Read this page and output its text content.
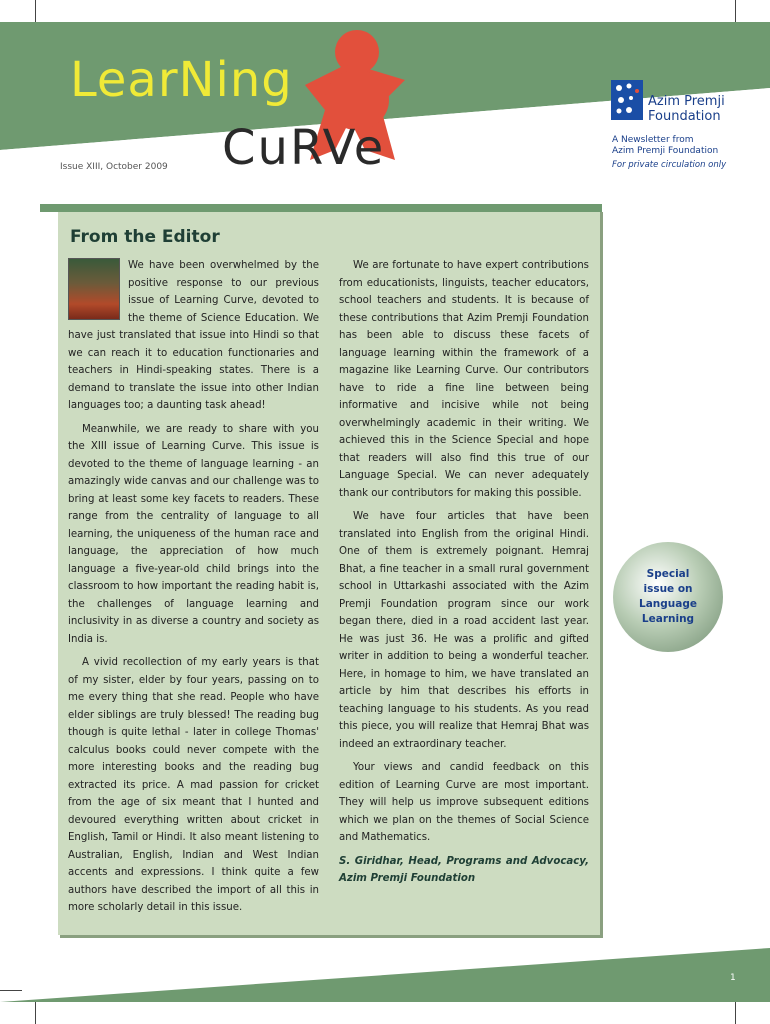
LearNing
CuRVe
Issue XIII, October 2009
Azim Premji
Foundation
A Newsletter from
Azim Premji Foundation
For private circulation only
From the Editor

We have been overwhelmed by the positive response to our previous issue of Learning Curve, devoted to the theme of Science Education. We have just translated that issue into Hindi so that we can reach it to education functionaries and teachers in Hindi-speaking states. There is a demand to translate the issue into other Indian languages too; a daunting task ahead!

Meanwhile, we are ready to share with you the XIII issue of Learning Curve. This issue is devoted to the theme of language learning - an amazingly wide canvas and our challenge was to bring at least some key facets to readers. These range from the centrality of language to all learning, the uniqueness of the human race and language, the appreciation of how much language a five-year-old child brings into the classroom to how important the reading habit is, the challenges of language learning and inclusivity in as diverse a country and society as India is.

A vivid recollection of my early years is that of my sister, elder by four years, passing on to me every thing that she read. People who have elder siblings are truly blessed! The reading bug though is quite lethal - later in college Thomas' calculus books could never compete with the more interesting books and the reading bug extracted its price. A mad passion for cricket from the age of six meant that I hunted and devoured everything written about cricket in English, Tamil or Hindi. It also meant listening to Australian, English, Indian and West Indian accents and expressions. I think quite a few authors have described the import of all this in more scholarly detail in this issue.

We are fortunate to have expert contributions from educationists, linguists, teacher educators, school teachers and students. It is because of these contributions that Azim Premji Foundation has been able to discuss these facets of language learning within the framework of a magazine like Learning Curve. Our contributors have to ride a fine line between being informative and incisive while not being overwhelmingly academic in their writing. We achieved this in the Science Special and hope that readers will also find this true of our Language Special. We can never adequately thank our contributors for making this possible.

We have four articles that have been translated into English from the original Hindi. One of them is extremely poignant. Hemraj Bhat, a fine teacher in a small rural government school in Uttarkashi associated with the Azim Premji Foundation program since our work began there, died in a road accident last year. He was just 36. He was a prolific and gifted writer in addition to being a wonderful teacher. Here, in homage to him, we have translated an article by him that describes his efforts in teaching language to his students. As you read this piece, you will realize that Hemraj Bhat was indeed an extraordinary teacher.

Your views and candid feedback on this edition of Learning Curve are most important. They will help us improve subsequent editions which we plan on the themes of Social Science and Mathematics.

S. Giridhar, Head, Programs and Advocacy, Azim Premji Foundation

Special issue on Language Learning
1
